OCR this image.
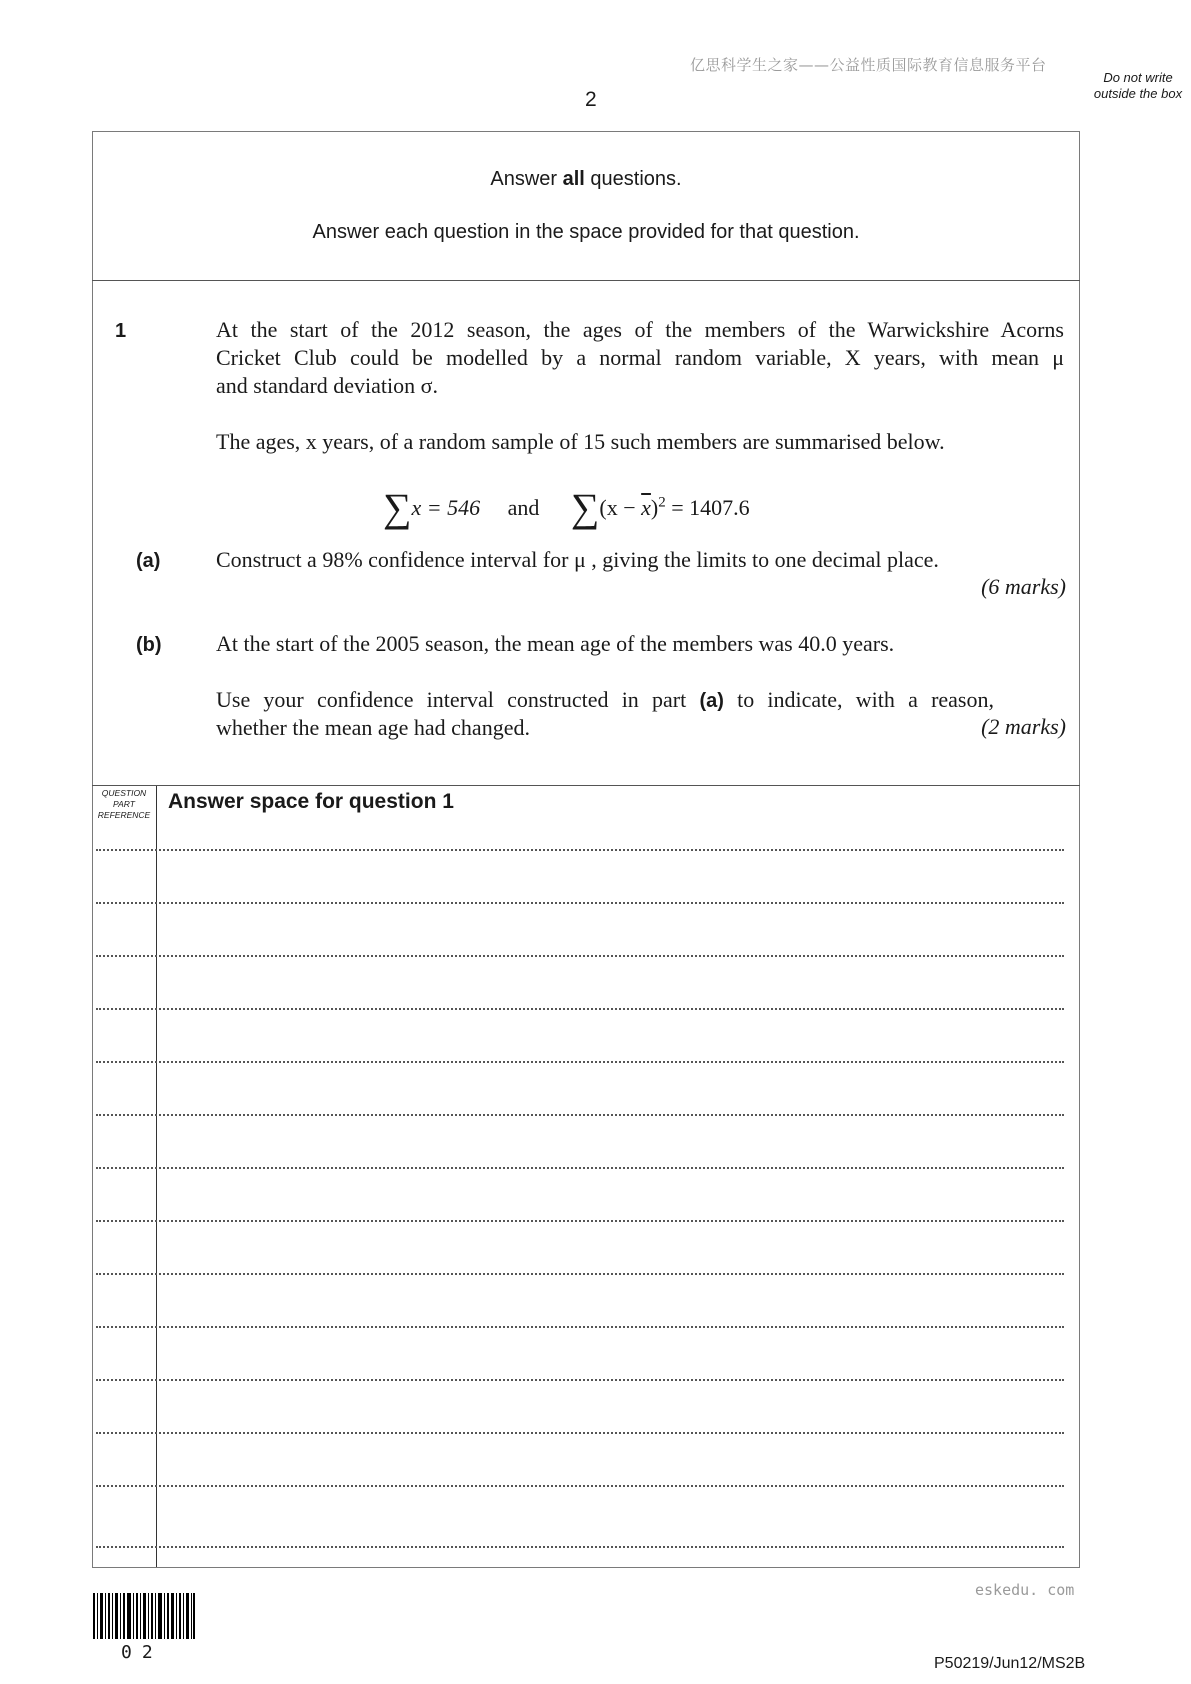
亿思科学生之家——公益性质国际教育信息服务平台
2
Do not write outside the box
Answer all questions.
Answer each question in the space provided for that question.
1	At the start of the 2012 season, the ages of the members of the Warwickshire Acorns
Cricket Club could be modelled by a normal random variable, X years, with mean μ
and standard deviation σ.
The ages, x years, of a random sample of 15 such members are summarised below.
∑x = 546 and $\sum(x - \overline{x})^2 = 1407.6$
(a)	Construct a 98% confidence interval for μ , giving the limits to one decimal place.
(6 marks)
(b) At the start of the 2005 season, the mean age of the members was 40.0 years.
Use your confidence interval constructed in part (a) to indicate, with a reason,
whether the mean age had changed.	(2 marks)
QUESTION PART REFERENCE
Answer space for question 1
eskedu. com
02
P50219/Jun12/MS2B
